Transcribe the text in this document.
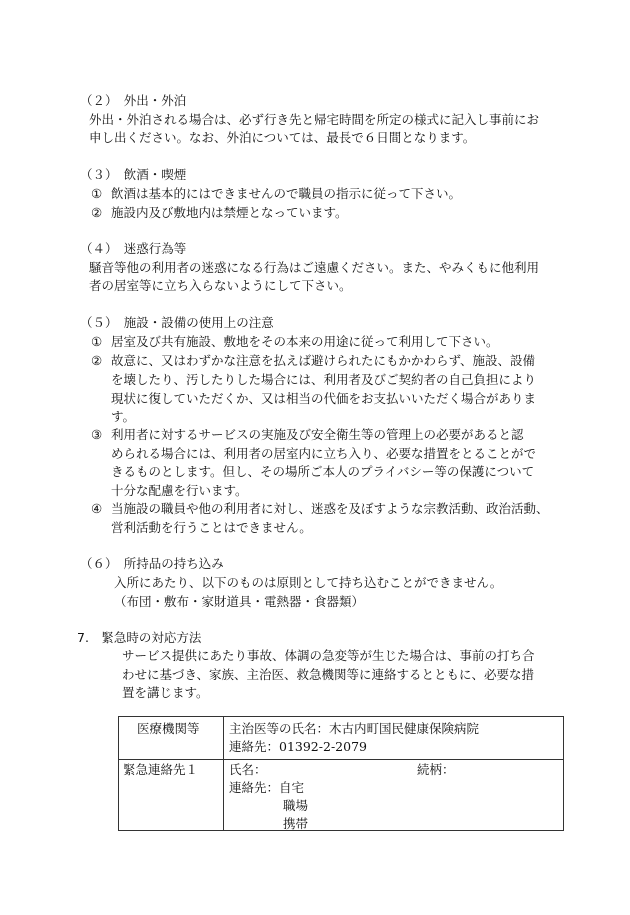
（２）　外出・外泊
外出・外泊される場合は、必ず行き先と帰宅時間を所定の様式に記入し事前にお
申し出ください。なお、外泊については、最長で６日間となります。
（３）　飲酒・喫煙
① 飲酒は基本的にはできませんので職員の指示に従って下さい。
② 施設内及び敷地内は禁煙となっています。
（４）　迷惑行為等
騒音等他の利用者の迷惑になる行為はご遠慮ください。また、やみくもに他利用
者の居室等に立ち入らないようにして下さい。
（５）　施設・設備の使用上の注意
① 居室及び共有施設、敷地をその本来の用途に従って利用して下さい。
② 故意に、又はわずかな注意を払えば避けられたにもかかわらず、施設、設備
を壊したり、汚したりした場合には、利用者及びご契約者の自己負担により
現状に復していただくか、又は相当の代価をお支払いいただく場合がありま
す。
③ 利用者に対するサービスの実施及び安全衛生等の管理上の必要があると認
められる場合には、利用者の居室内に立ち入り、必要な措置をとることがで
きるものとします。但し、その場所ご本人のプライバシー等の保護について
十分な配慮を行います。
④ 当施設の職員や他の利用者に対し、迷惑を及ぼすような宗教活動、政治活動、
営利活動を行うことはできません。
（６）　所持品の持ち込み
入所にあたり、以下のものは原則として持ち込むことができません。
（布団・敷布・家財道具・電熱器・食器類）
7.　緊急時の対応方法
サービス提供にあたり事故、体調の急変等が生じた場合は、事前の打ち合
わせに基づき、家族、主治医、救急機関等に連絡するとともに、必要な措
置を講じます。
医療機関等 主治医等の氏名：木古内町国民健康保険病院
連絡先：01392-2-2079
緊急連絡先１ 氏名：	続柄：
連絡先：自宅
職場
携帯
